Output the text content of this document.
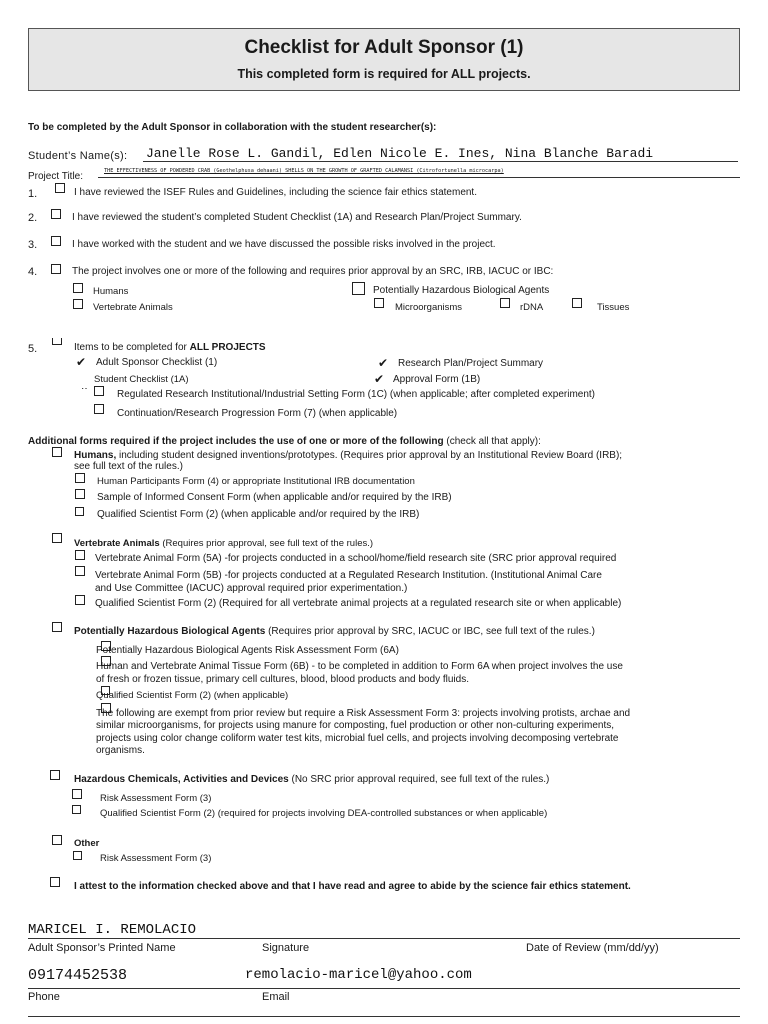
Checklist for Adult Sponsor (1)
This completed form is required for ALL projects.
To be completed by the Adult Sponsor in collaboration with the student researcher(s):
Student’s Name(s): Janelle Rose L. Gandil, Edlen Nicole E. Ines, Nina Blanche Baradi
Project Title:	THE EFFECTIVENESS OF POWDERED CRAB (Geothelphusa dehaani) SHELLS ON THE GROWTH OF GRAFTED CALAMANSI (Citrofortunella microcarpa)
1.	I have reviewed the ISEF Rules and Guidelines, including the science fair ethics statement.
2.	I have reviewed the student’s completed Student Checklist (1A) and Research Plan/Project Summary.
3.	I have worked with the student and we have discussed the possible risks involved in the project.
4.	The project involves one or more of the following and requires prior approval by an SRC, IRB, IACUC or IBC:
Humans	Potentially Hazardous Biological Agents
Vertebrate Animals	Microorganisms	rDNA	Tissues
5.	Items to be completed for ALL PROJECTS
✔ Adult Sponsor Checklist (1)	✔ Research Plan/Project Summary
Student Checklist (1A)	✔ Approval Form (1B)
‥
Regulated Research Institutional/Industrial Setting Form (1C) (when applicable; after completed experiment)
Continuation/Research Progression Form (7) (when applicable)
Additional forms required if the project includes the use of one or more of the following (check all that apply):
Humans, including student designed inventions/prototypes. (Requires prior approval by an Institutional Review Board (IRB);
see full text of the rules.)
Human Participants Form (4) or appropriate Institutional IRB documentation
Sample of Informed Consent Form (when applicable and/or required by the IRB)
Qualified Scientist Form (2) (when applicable and/or required by the IRB)
Vertebrate Animals (Requires prior approval, see full text of the rules.)
Vertebrate Animal Form (5A) -for projects conducted in a school/home/field research site (SRC prior approval required
Vertebrate Animal Form (5B) -for projects conducted at a Regulated Research Institution. (Institutional Animal Care
and Use Committee (IACUC) approval required prior experimentation.)
Qualified Scientist Form (2) (Required for all vertebrate animal projects at a regulated research site or when applicable)
Potentially Hazardous Biological Agents (Requires prior approval by SRC, IACUC or IBC, see full text of the rules.)
Potentially Hazardous Biological Agents Risk Assessment Form (6A)
Human and Vertebrate Animal Tissue Form (6B) - to be completed in addition to Form 6A when project involves the use
of fresh or frozen tissue, primary cell cultures, blood, blood products and body fluids.
Qualified Scientist Form (2) (when applicable)
The following are exempt from prior review but require a Risk Assessment Form 3: projects involving protists, archae and
similar microorganisms, for projects using manure for composting, fuel production or other non-culturing experiments,
projects using color change coliform water test kits, microbial fuel cells, and projects involving decomposing vertebrate
organisms.
Hazardous Chemicals, Activities and Devices (No SRC prior approval required, see full text of the rules.)
Risk Assessment Form (3)
Qualified Scientist Form (2) (required for projects involving DEA-controlled substances or when applicable)
Other
Risk Assessment Form (3)
I attest to the information checked above and that I have read and agree to abide by the science fair ethics statement.
MARICEL I. REMOLACIO
Adult Sponsor’s Printed Name	Signature	Date of Review (mm/dd/yy)
09174452538	remolacio-maricel@yahoo.com
Phone	Email
